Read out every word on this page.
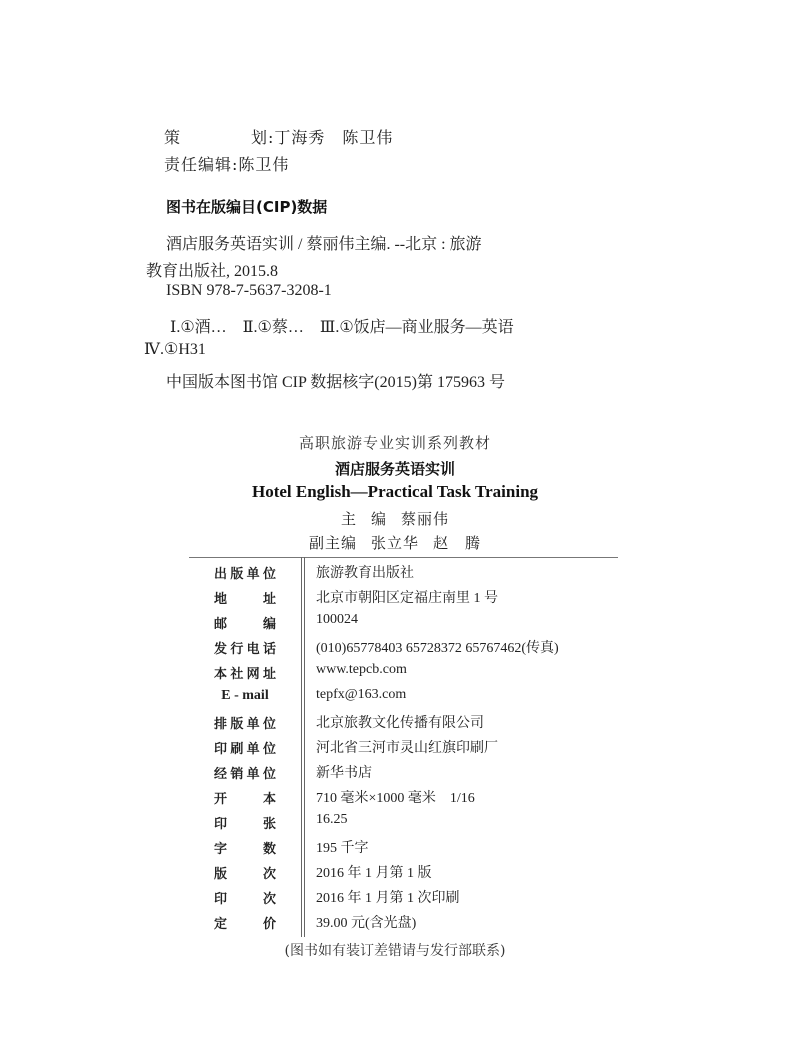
策	划 :丁海秀　陈卫伟
责任编辑:陈卫伟
图书在版编目(CIP)数据
酒店服务英语实训 / 蔡丽伟主编. --北京 : 旅游
教育出版社, 2015.8
ISBN 978-7-5637-3208-1
Ⅰ.①酒…　Ⅱ.①蔡…　Ⅲ.①饭店—商业服务—英语
Ⅳ.①H31
中国版本图书馆 CIP 数据核字(2015)第 175963 号
高职旅游专业实训系列教材
酒店服务英语实训
Hotel English—Practical Task Training
主 编 蔡丽伟
副主编 张立华 赵　腾
出 版 单 位	旅游教育出版社
地	址	北京市朝阳区定福庄南里 1 号
邮	编	100024
发 行 电 话	(010)65778403 65728372 65767462(传真)
本 社 网 址	www.tepcb.com
E - mail	tepfx@163.com
排 版 单 位	北京旅教文化传播有限公司
印 刷 单 位	河北省三河市灵山红旗印刷厂
经 销 单 位	新华书店
开	本	710 毫米×1000 毫米　1/16
印	张	16.25
字	数	195 千字
版	次	2016 年 1 月第 1 版
印	次	2016 年 1 月第 1 次印刷
定	价	39.00 元(含光盘)
(图书如有装订差错请与发行部联系)
